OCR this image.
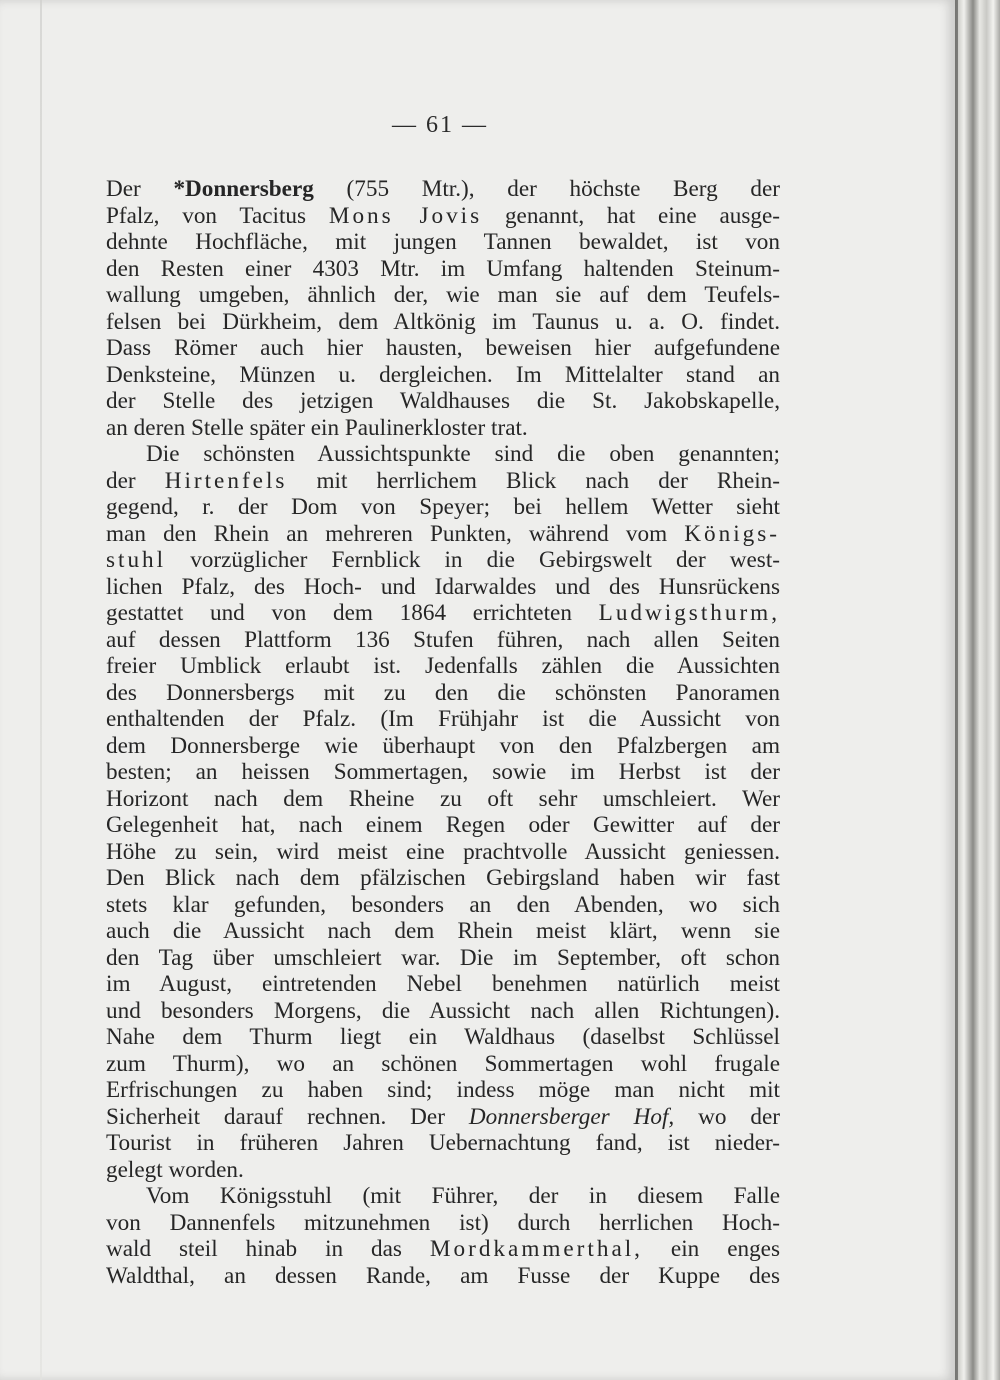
— 61 —
Der *Donnersberg (755 Mtr.), der höchste Berg der
Pfalz, von Tacitus Mons Jovis genannt, hat eine ausge-
dehnte Hochfläche, mit jungen Tannen bewaldet, ist von
den Resten einer 4303 Mtr. im Umfang haltenden Steinum-
wallung umgeben, ähnlich der, wie man sie auf dem Teufels-
felsen bei Dürkheim, dem Altkönig im Taunus u. a. O. findet.
Dass Römer auch hier hausten, beweisen hier aufgefundene
Denksteine, Münzen u. dergleichen. Im Mittelalter stand an
der Stelle des jetzigen Waldhauses die St. Jakobskapelle,
an deren Stelle später ein Paulinerkloster trat.
Die schönsten Aussichtspunkte sind die oben genannten;
der Hirtenfels mit herrlichem Blick nach der Rhein-
gegend, r. der Dom von Speyer; bei hellem Wetter sieht
man den Rhein an mehreren Punkten, während vom Königs-
stuhl vorzüglicher Fernblick in die Gebirgswelt der west-
lichen Pfalz, des Hoch- und Idarwaldes und des Hunsrückens
gestattet und von dem 1864 errichteten Ludwigsthurm,
auf dessen Plattform 136 Stufen führen, nach allen Seiten
freier Umblick erlaubt ist. Jedenfalls zählen die Aussichten
des Donnersbergs mit zu den die schönsten Panoramen
enthaltenden der Pfalz. (Im Frühjahr ist die Aussicht von
dem Donnersberge wie überhaupt von den Pfalzbergen am
besten; an heissen Sommertagen, sowie im Herbst ist der
Horizont nach dem Rheine zu oft sehr umschleiert. Wer
Gelegenheit hat, nach einem Regen oder Gewitter auf der
Höhe zu sein, wird meist eine prachtvolle Aussicht geniessen.
Den Blick nach dem pfälzischen Gebirgsland haben wir fast
stets klar gefunden, besonders an den Abenden, wo sich
auch die Aussicht nach dem Rhein meist klärt, wenn sie
den Tag über umschleiert war. Die im September, oft schon
im August, eintretenden Nebel benehmen natürlich meist
und besonders Morgens, die Aussicht nach allen Richtungen).
Nahe dem Thurm liegt ein Waldhaus (daselbst Schlüssel
zum Thurm), wo an schönen Sommertagen wohl frugale
Erfrischungen zu haben sind; indess möge man nicht mit
Sicherheit darauf rechnen. Der Donnersberger Hof, wo der
Tourist in früheren Jahren Uebernachtung fand, ist nieder-
gelegt worden.
Vom Königsstuhl (mit Führer, der in diesem Falle
von Dannenfels mitzunehmen ist) durch herrlichen Hoch-
wald steil hinab in das Mordkammerthal, ein enges
Waldthal, an dessen Rande, am Fusse der Kuppe des
